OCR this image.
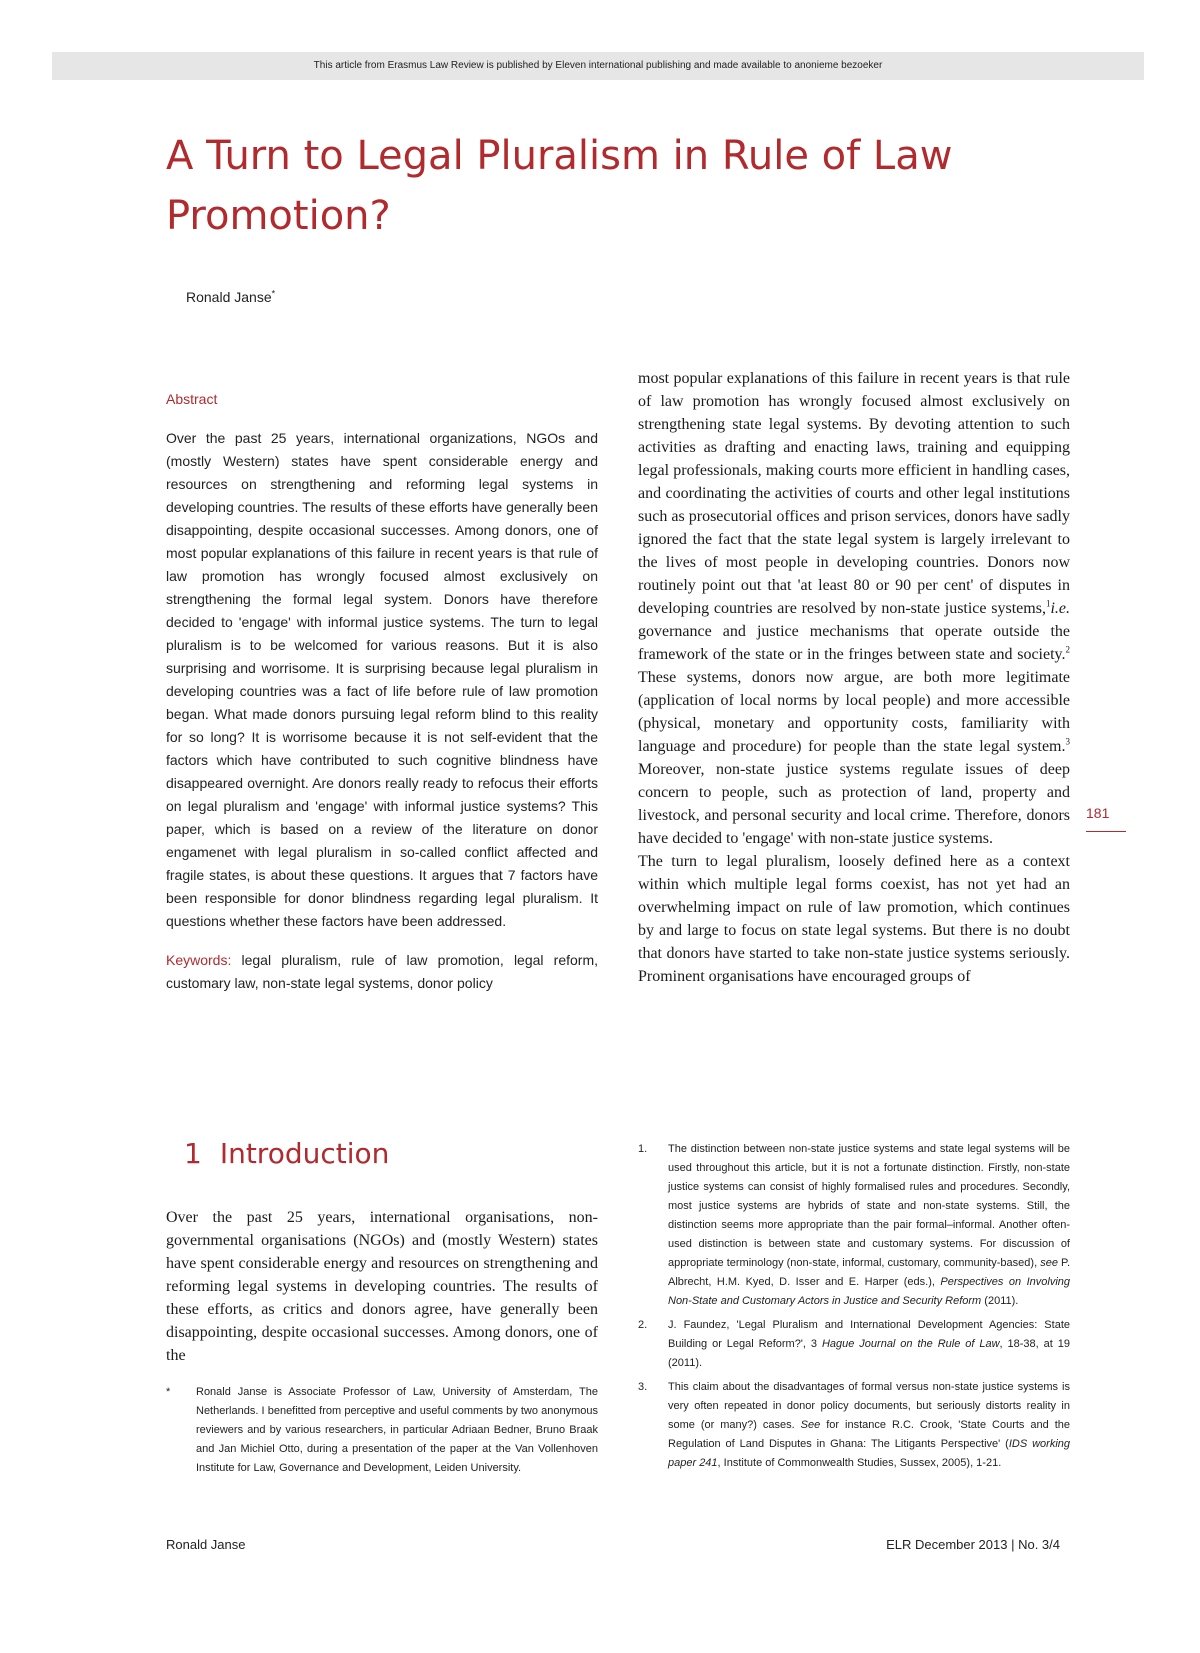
This article from Erasmus Law Review is published by Eleven international publishing and made available to anonieme bezoeker
A Turn to Legal Pluralism in Rule of Law
Promotion?
Ronald Janse*
Abstract

Over the past 25 years, international organizations, NGOs and (mostly Western) states have spent considerable energy and resources on strengthening and reforming legal systems in developing countries. The results of these efforts have generally been disappointing, despite occasional successes. Among donors, one of most popular explanations of this failure in recent years is that rule of law promotion has wrongly focused almost exclusively on strengthening the formal legal system. Donors have therefore decided to 'engage' with informal justice systems. The turn to legal pluralism is to be welcomed for various reasons. But it is also surprising and worrisome. It is surprising because legal pluralism in developing countries was a fact of life before rule of law promotion began. What made donors pursuing legal reform blind to this reality for so long? It is worrisome because it is not self-evident that the factors which have contributed to such cognitive blindness have disappeared overnight. Are donors really ready to refocus their efforts on legal pluralism and 'engage' with informal justice systems? This paper, which is based on a review of the literature on donor engamenet with legal pluralism in so-called conflict affected and fragile states, is about these questions. It argues that 7 factors have been responsible for donor blindness regarding legal pluralism. It questions whether these factors have been addressed.

Keywords: legal pluralism, rule of law promotion, legal reform, customary law, non-state legal systems, donor policy
1 Introduction

Over the past 25 years, international organisations, non-governmental organisations (NGOs) and (mostly Western) states have spent considerable energy and resources on strengthening and reforming legal systems in developing countries. The results of these efforts, as critics and donors agree, have generally been disappointing, despite occasional successes. Among donors, one of the

most popular explanations of this failure in recent years is that rule of law promotion has wrongly focused almost exclusively on strengthening state legal systems. By devoting attention to such activities as drafting and enacting laws, training and equipping legal professionals, making courts more efficient in handling cases, and coordinating the activities of courts and other legal institutions such as prosecutorial offices and prison services, donors have sadly ignored the fact that the state legal system is largely irrelevant to the lives of most people in developing countries. Donors now routinely point out that 'at least 80 or 90 per cent' of disputes in developing countries are resolved by non-state justice systems,$^1$i.e. governance and justice mechanisms that operate outside the framework of the state or in the fringes between state and society.$^2$ These systems, donors now argue, are both more legitimate (application of local norms by local people) and more accessible (physical, monetary and opportunity costs, familiarity with language and procedure) for people than the state legal system.$^3$ Moreover, non-state justice systems regulate issues of deep concern to people, such as protection of land, property and livestock, and personal security and local crime. Therefore, donors have decided to 'engage' with non-state justice systems.

The turn to legal pluralism, loosely defined here as a context within which multiple legal forms coexist, has not yet had an overwhelming impact on rule of law promotion, which continues by and large to focus on state legal systems. But there is no doubt that donors have started to take non-state justice systems seriously. Prominent organisations have encouraged groups of

1.	The distinction between non-state justice systems and state legal systems will be used throughout this article, but it is not a fortunate distinction. Firstly, non-state justice systems can consist of highly formalised rules and procedures. Secondly, most justice systems are hybrids of state and non-state systems. Still, the distinction seems more appropriate than the pair formal–informal. Another often-used distinction is between state and customary systems. For discussion of appropriate terminology (non-state, informal, customary, community-based), see P. Albrecht, H.M. Kyed, D. Isser and E. Harper (eds.), Perspectives on Involving Non-State and Customary Actors in Justice and Security Reform (2011).
2.	J. Faundez, 'Legal Pluralism and International Development Agencies: State Building or Legal Reform?', 3 Hague Journal on the Rule of Law, 18-38, at 19 (2011).
3.	This claim about the disadvantages of formal versus non-state justice systems is very often repeated in donor policy documents, but seriously distorts reality in some (or many?) cases. See for instance R.C. Crook, 'State Courts and the Regulation of Land Disputes in Ghana: The Litigants Perspective' (IDS working paper 241, Institute of Commonwealth Studies, Sussex, 2005), 1-21.
*	Ronald Janse is Associate Professor of Law, University of Amsterdam, The Netherlands. I benefitted from perceptive and useful comments by two anonymous reviewers and by various researchers, in particular Adriaan Bedner, Bruno Braak and Jan Michiel Otto, during a presentation of the paper at the Van Vollenhoven Institute for Law, Governance and Development, Leiden University.
181
Ronald Janse	ELR December 2013 | No. 3/4
